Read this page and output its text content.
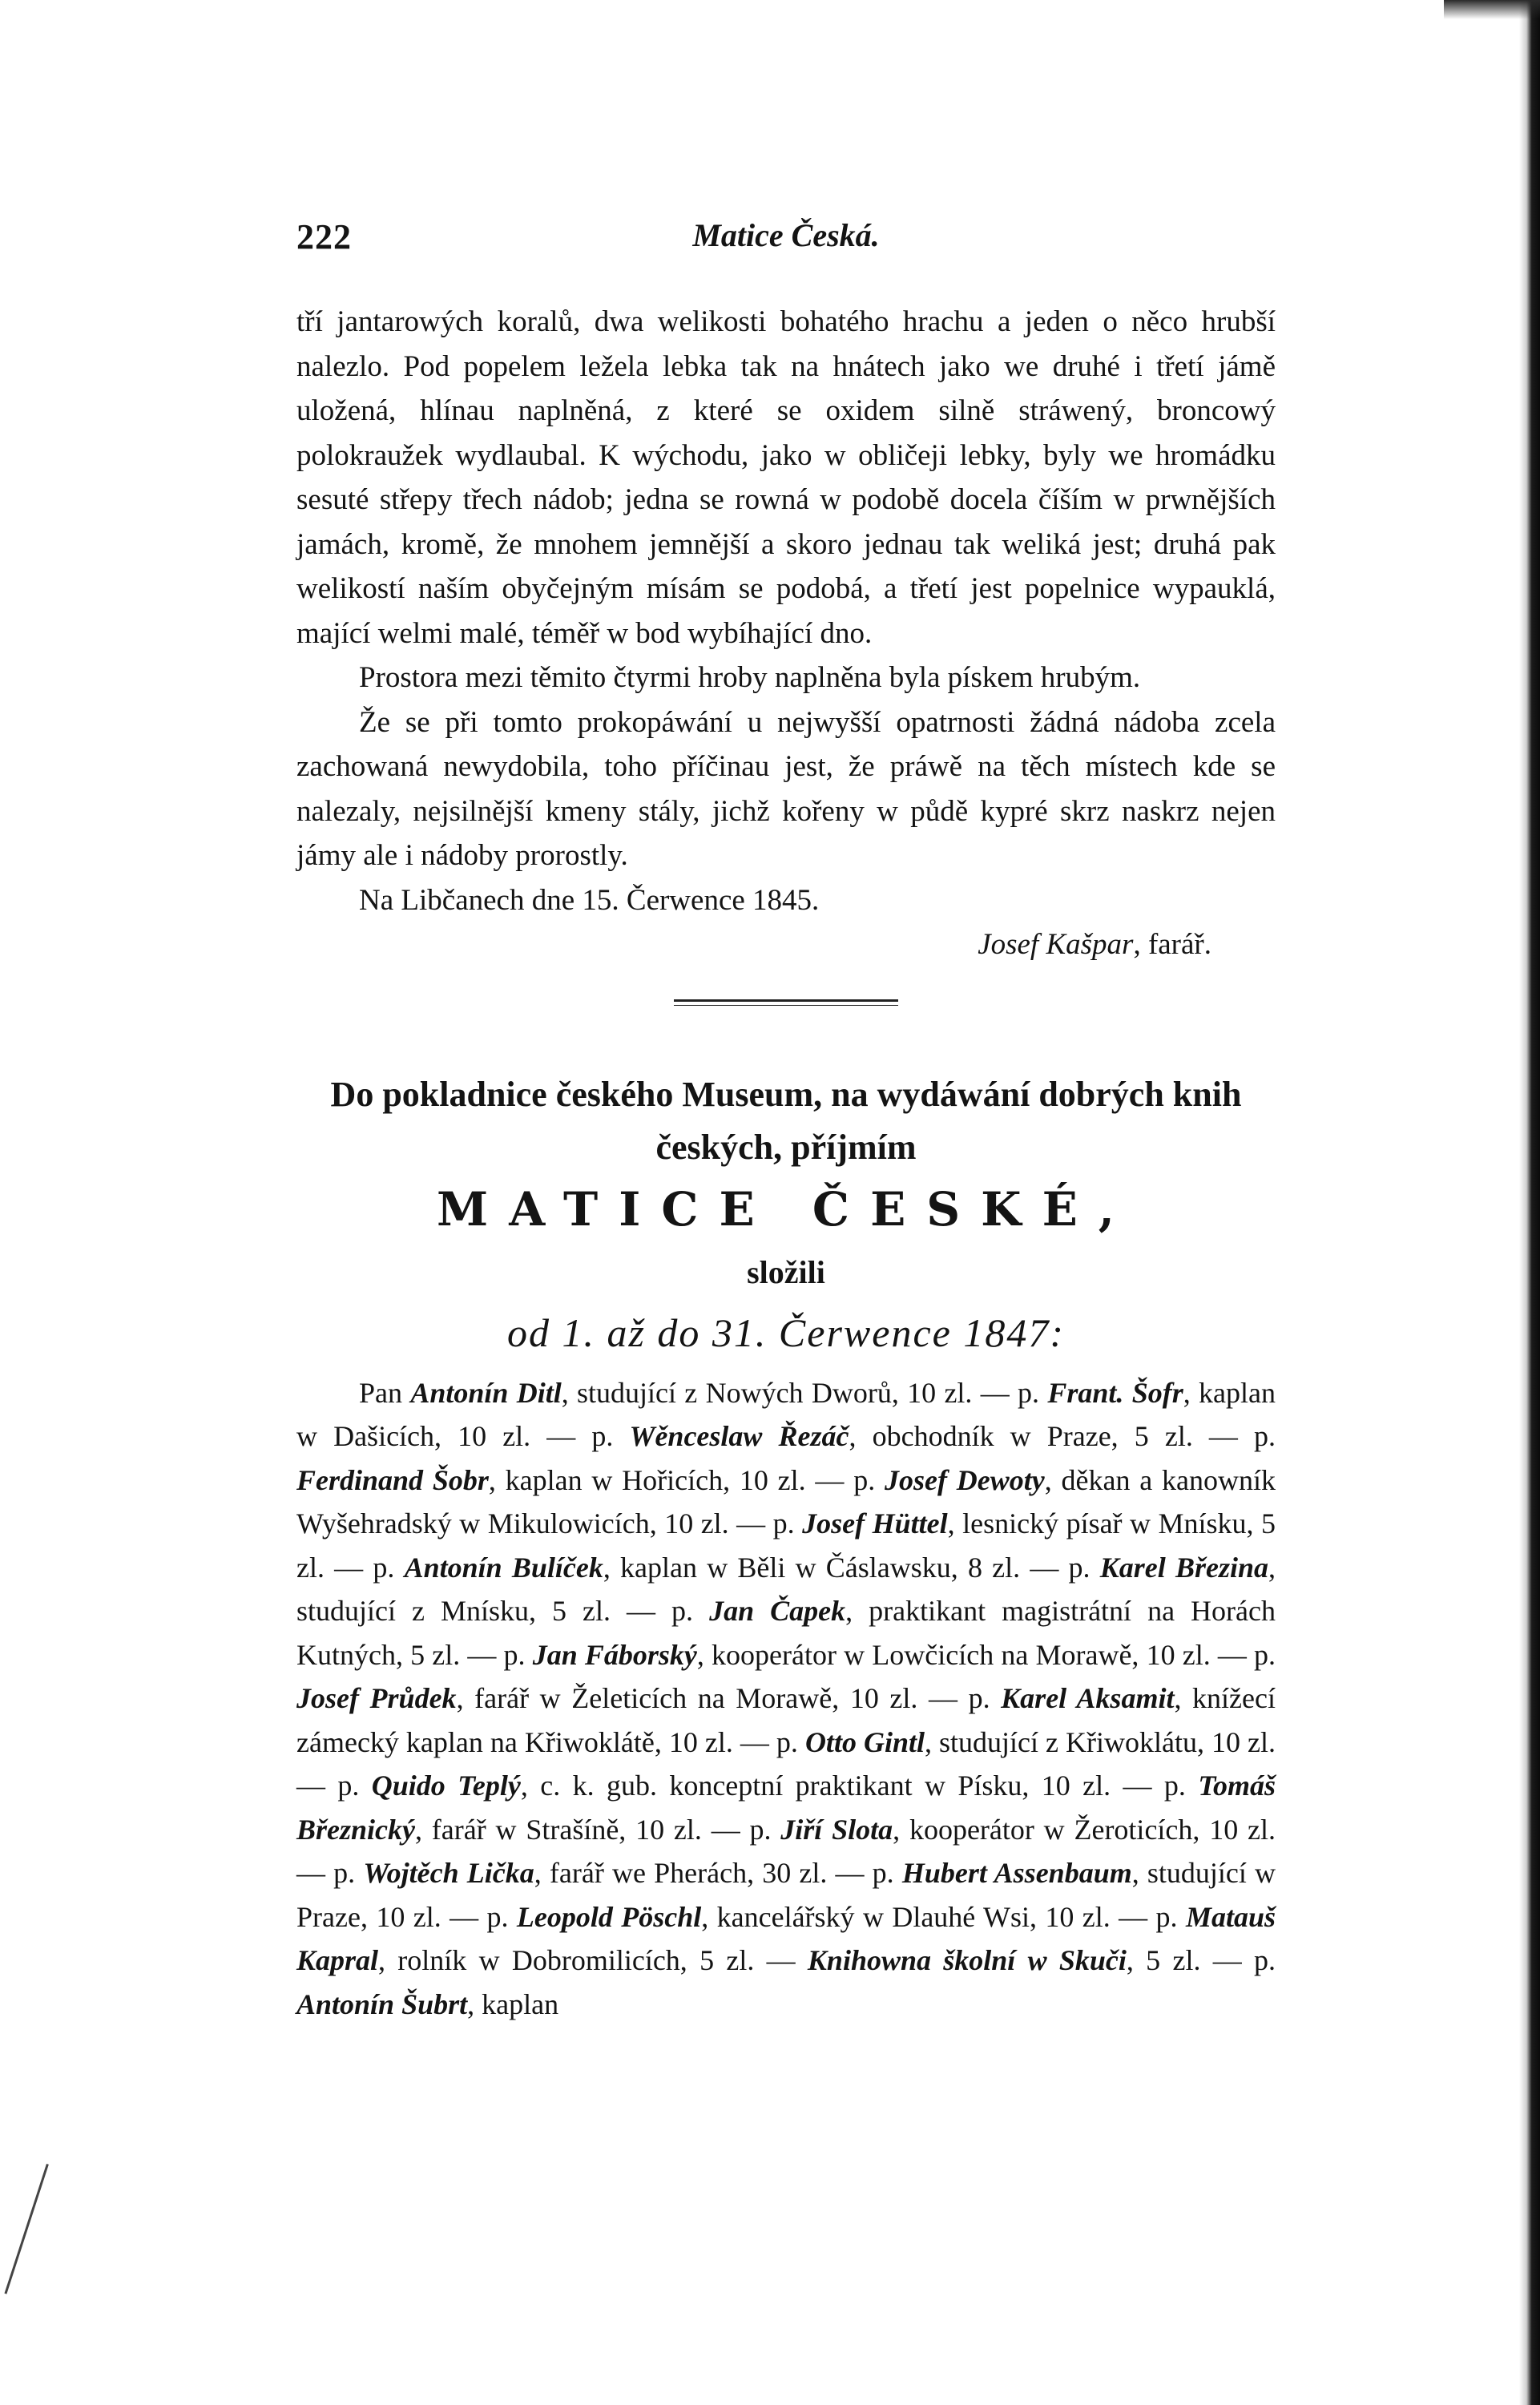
222	Matice Česká.

tří jantarowých koralů, dwa welikosti bohatého hrachu a jeden o něco hrubší nalezlo. Pod popelem ležela lebka tak na hnátech jako we druhé i třetí jámě uložená, hlínau naplněná, z které se oxidem silně stráwený, broncowý polokraužek wydlaubal. K wýchodu, jako w obličeji lebky, byly we hromádku sesuté střepy třech nádob; jedna se rowná w podobě docela číším w prwnějších jamách, kromě, že mnohem jemnější a skoro jednau tak weliká jest; druhá pak welikostí naším obyčejným mísám se podobá, a třetí jest popelnice wypauklá, mající welmi malé, téměř w bod wybíhající dno.

Prostora mezi těmito čtyrmi hroby naplněna byla pískem hrubým.

Že se při tomto prokopáwání u nejwyšší opatrnosti žádná nádoba zcela zachowaná newydobila, toho příčinau jest, že práwě na těch místech kde se nalezaly, nejsilnější kmeny stály, jichž kořeny w půdě kypré skrz naskrz nejen jámy ale i nádoby prorostly.

Na Libčanech dne 15. Čerwence 1845.

Josef Kašpar, farář.
Do pokladnice českého Museum, na wydáwání dobrých knih českých, příjmím
MATICE ČESKÉ,
složili
od 1. až do 31. Čerwence 1847:

Pan Antonín Ditl, studující z Nowých Dworů, 10 zl. — p. Frant. Šofr, kaplan w Dašicích, 10 zl. — p. Wěnceslaw Řezáč, obchodník w Praze, 5 zl. — p. Ferdinand Šobr, kaplan w Hořicích, 10 zl. — p. Josef Dewoty, děkan a kanowník Wyšehradský w Mikulowicích, 10 zl. — p. Josef Hüttel, lesnický písař w Mnísku, 5 zl. — p. Antonín Bulíček, kaplan w Běli w Čáslawsku, 8 zl. — p. Karel Březina, studující z Mnísku, 5 zl. — p. Jan Čapek, praktikant magistrátní na Horách Kutných, 5 zl. — p. Jan Fáborský, kooperátor w Lowčicích na Morawě, 10 zl. — p. Josef Průdek, farář w Želeticích na Morawě, 10 zl. — p. Karel Aksamit, knížecí zámecký kaplan na Křiwoklátě, 10 zl. — p. Otto Gintl, studující z Křiwoklátu, 10 zl. — p. Quido Teplý, c. k. gub. konceptní praktikant w Písku, 10 zl. — p. Tomáš Březnický, farář w Strašíně, 10 zl. — p. Jiří Slota, kooperátor w Žeroticích, 10 zl. — p. Wojtěch Lička, farář we Pherách, 30 zl. — p. Hubert Assenbaum, studující w Praze, 10 zl. — p. Leopold Pöschl, kancelářský w Dlauhé Wsi, 10 zl. — p. Matauš Kapral, rolník w Dobromilicích, 5 zl. — Knihowna školní w Skuči, 5 zl. — p. Antonín Šubrt, kaplan
